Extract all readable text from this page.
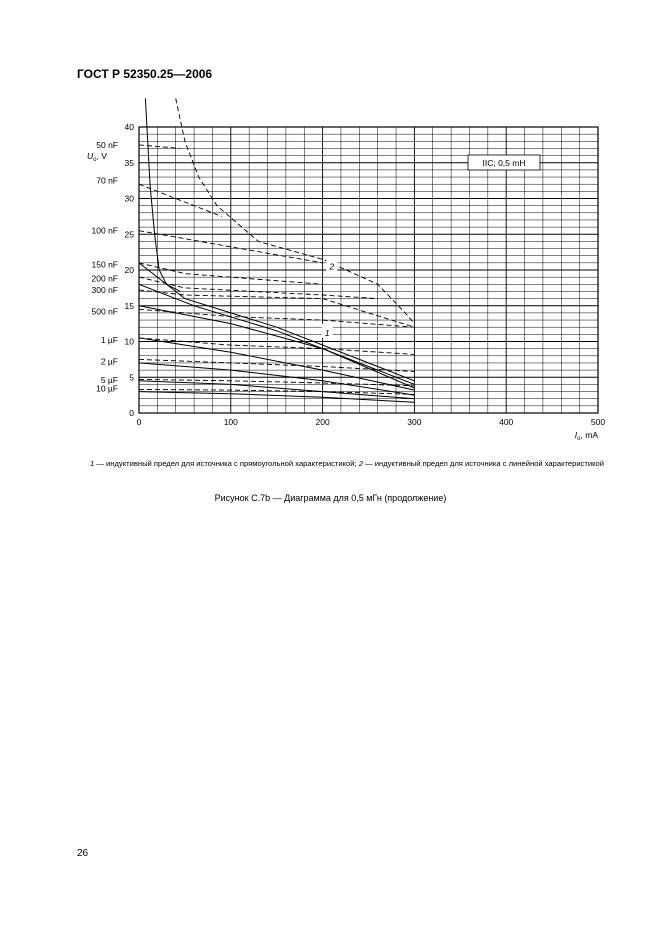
ГОСТ Р 52350.25—2006
0	100	200	300	400	500
0
5
10
15
20
25
30
35
40
50 nF
70 nF
100 nF
150 nF
200 nF
300 nF
500 nF
1 µF
2 µF
5 µF
10 µF
$U_o$, V
$I_o$, mA
IIC; 0,5 mH
1
2
1 — индуктивный предел для источника с прямоугольной характеристикой; 2 — индуктивный предел для источника с линейной характеристикой
Рисунок С.7b — Диаграмма для 0,5 мГн (продолжение)
26
